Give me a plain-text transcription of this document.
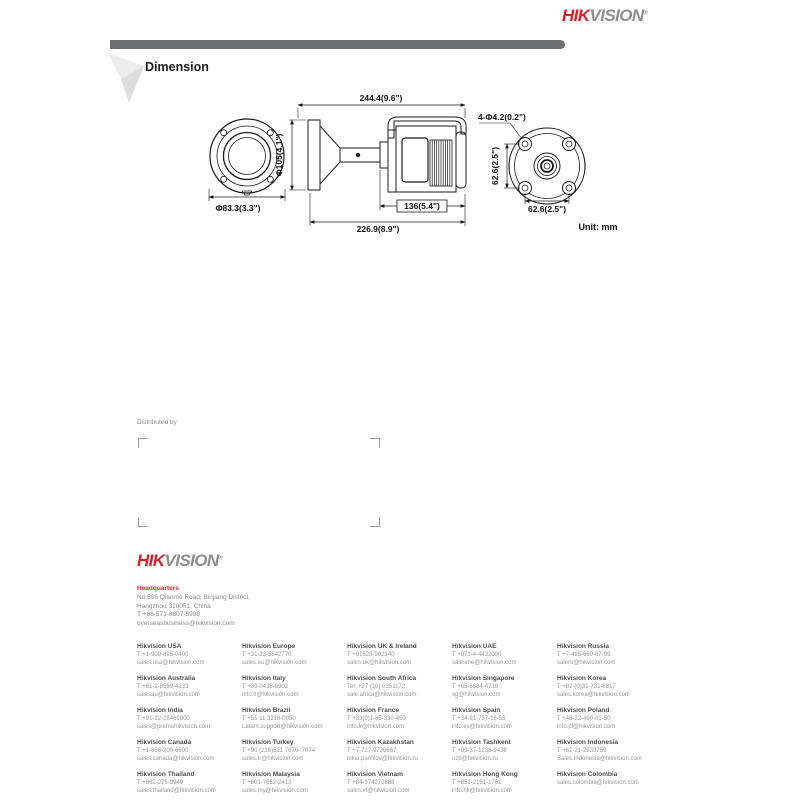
HIKVISION®
Dimension
Φ83.3(3.3")
244.4(9.6")
Φ105(4.1")
136(5.4")
226.9(8.9")
4-Φ4.2(0.2")
62.6(2.5")
62.6(2.5")
Unit: mm
Distributed by
HIKVISION®
Headquarters
No.555 Qianmo Road, Binjiang District,
Hangzhou 310051, China
T +86-571-8807-5998
overseasbusiness@hikvision.com
Hikvision USA
T +1-909-895-0400
sales.usa@hikvision.com
Hikvision Australia
T +61-2-8599-4233
salesau@hikvision.com
Hikvision India
T +91-22-28469900
sales@pramahikvision.com
Hikvision Canada
T +1-866-200-6690
sales.canada@hikvision.com
Hikvision Thailand
T +662-275-9949
sales.thailand@hikvision.com
Hikvision Europe
T +31-23-5542770
sales.eu@hikvision.com
Hikvision Italy
T +39-0438-6902
info.it@hikvision.com
Hikvision Brazil
T +55 11 3318-0050
Latam.support@hikvision.com
Hikvision Turkey
T +90 (216)521 7070- 7074
sales.tr@hikvision.com
Hikvision Malaysia
T +601-7652-2413
sales.my@hikvision.com
Hikvision UK & Ireland
T +01628-902140
sales.uk@hikvision.com
Hikvision South Africa
Tel: +27 (10) 0351172
sale.africa@hikvision.com
Hikvision France
T +33(0)1-85-330-450
info.fr@hikvision.com
Hikvision Kazakhstan
T +7-727-9730667
nikia.panfilov@hikvision.ru
Hikvision Vietnam
T +84-974270888
sales.vt@hikvision.com
Hikvision UAE
T +971-4-4432090
salesme@hikvision.com
Hikvision Singapore
T +65-6684-4718
sg@hikvision.com
Hikvision Spain
T +34-91-737-16-55
info.es@hikvision.com
Hikvision Tashkent
T +99-87-1238-9438
uzb@hikvision.ru
Hikvision Hong Kong
T +852-2151-1761
info.hk@hikvision.com
Hikvision Russia
T +7-495-669-67-99
saleru@hikvision.com
Hikvision Korea
T +82-(0)31-731-8817
sales.korea@hikvision.com
Hikvision Poland
T +48-22-460-01-50
info.pl@hikvision.com
Hikvision Indonesia
T +62-21-2933759
Sales.Indonesia@hikvision.com
Hikvision Colombia
sales.colombia@hikvision.com
